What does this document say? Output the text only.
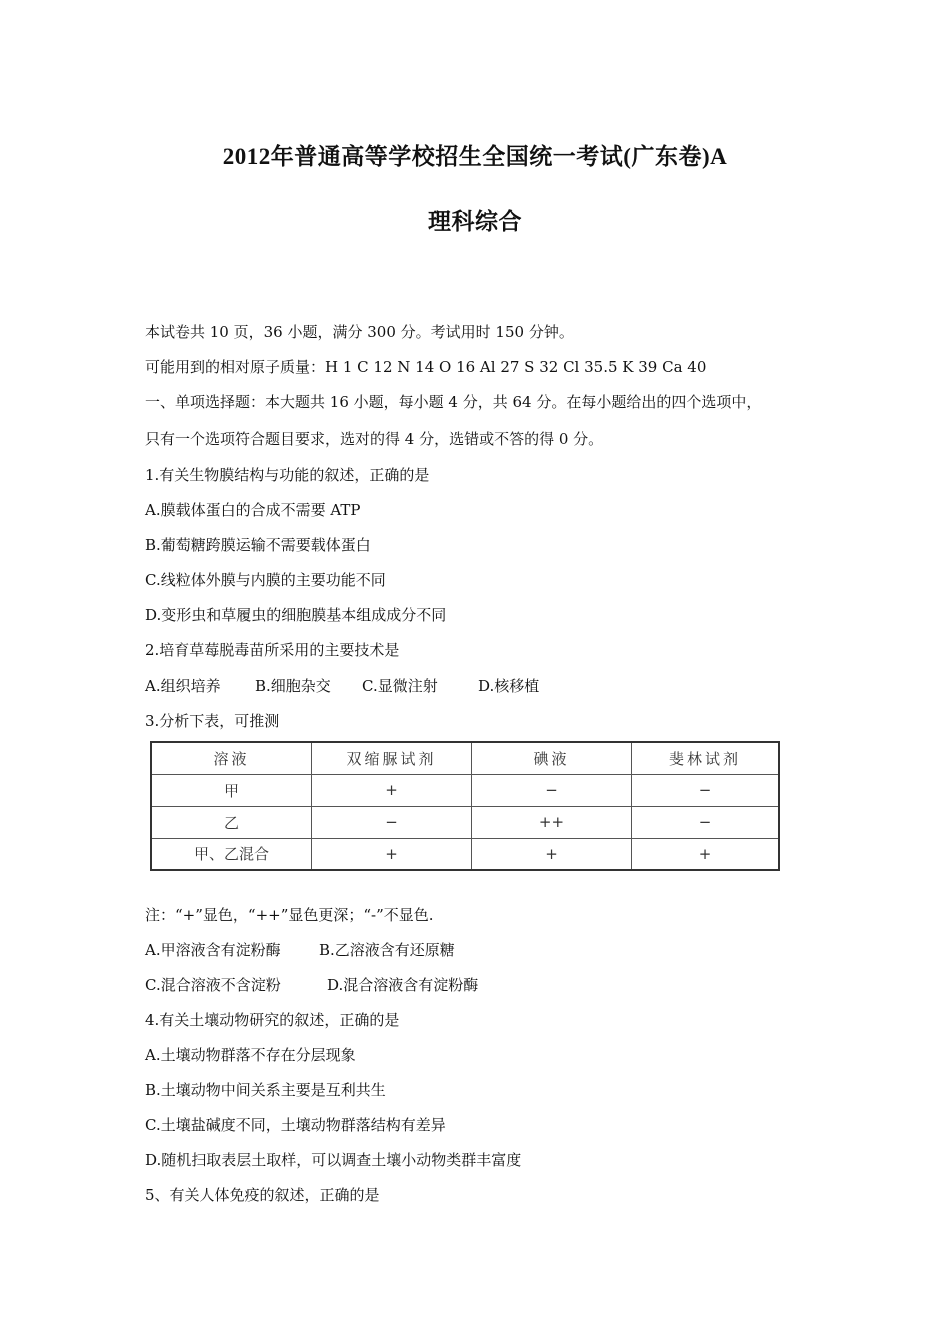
2012年普通高等学校招生全国统一考试(广东卷)A
理科综合
本试卷共 10 页，36 小题，满分 300 分。考试用时 150 分钟。
可能用到的相对原子质量：H 1 C 12 N 14 O 16 Al 27 S 32 Cl 35.5 K 39 Ca 40
一、单项选择题：本大题共 16 小题，每小题 4 分，共 64 分。在每小题给出的四个选项中，
只有一个选项符合题目要求，选对的得 4 分，选错或不答的得 0 分。
1.有关生物膜结构与功能的叙述，正确的是
A.膜载体蛋白的合成不需要 ATP
B.葡萄糖跨膜运输不需要载体蛋白
C.线粒体外膜与内膜的主要功能不同
D.变形虫和草履虫的细胞膜基本组成成分不同
2.培育草莓脱毒苗所采用的主要技术是
A.组织培养 B.细胞杂交 C.显微注射	D.核移植
3.分析下表，可推测
溶液	双缩脲试剂	碘液	斐林试剂
甲	+	−	−
乙	−	++	−
甲、乙混合	+	+	+
注：“+”显色，“++”显色更深；“-”不显色.
A.甲溶液含有淀粉酶	B.乙溶液含有还原糖
C.混合溶液不含淀粉	D.混合溶液含有淀粉酶
4.有关土壤动物研究的叙述，正确的是
A.土壤动物群落不存在分层现象
B.土壤动物中间关系主要是互利共生
C.土壤盐碱度不同，土壤动物群落结构有差异
D.随机扫取表层土取样，可以调查土壤小动物类群丰富度
5、有关人体免疫的叙述，正确的是
